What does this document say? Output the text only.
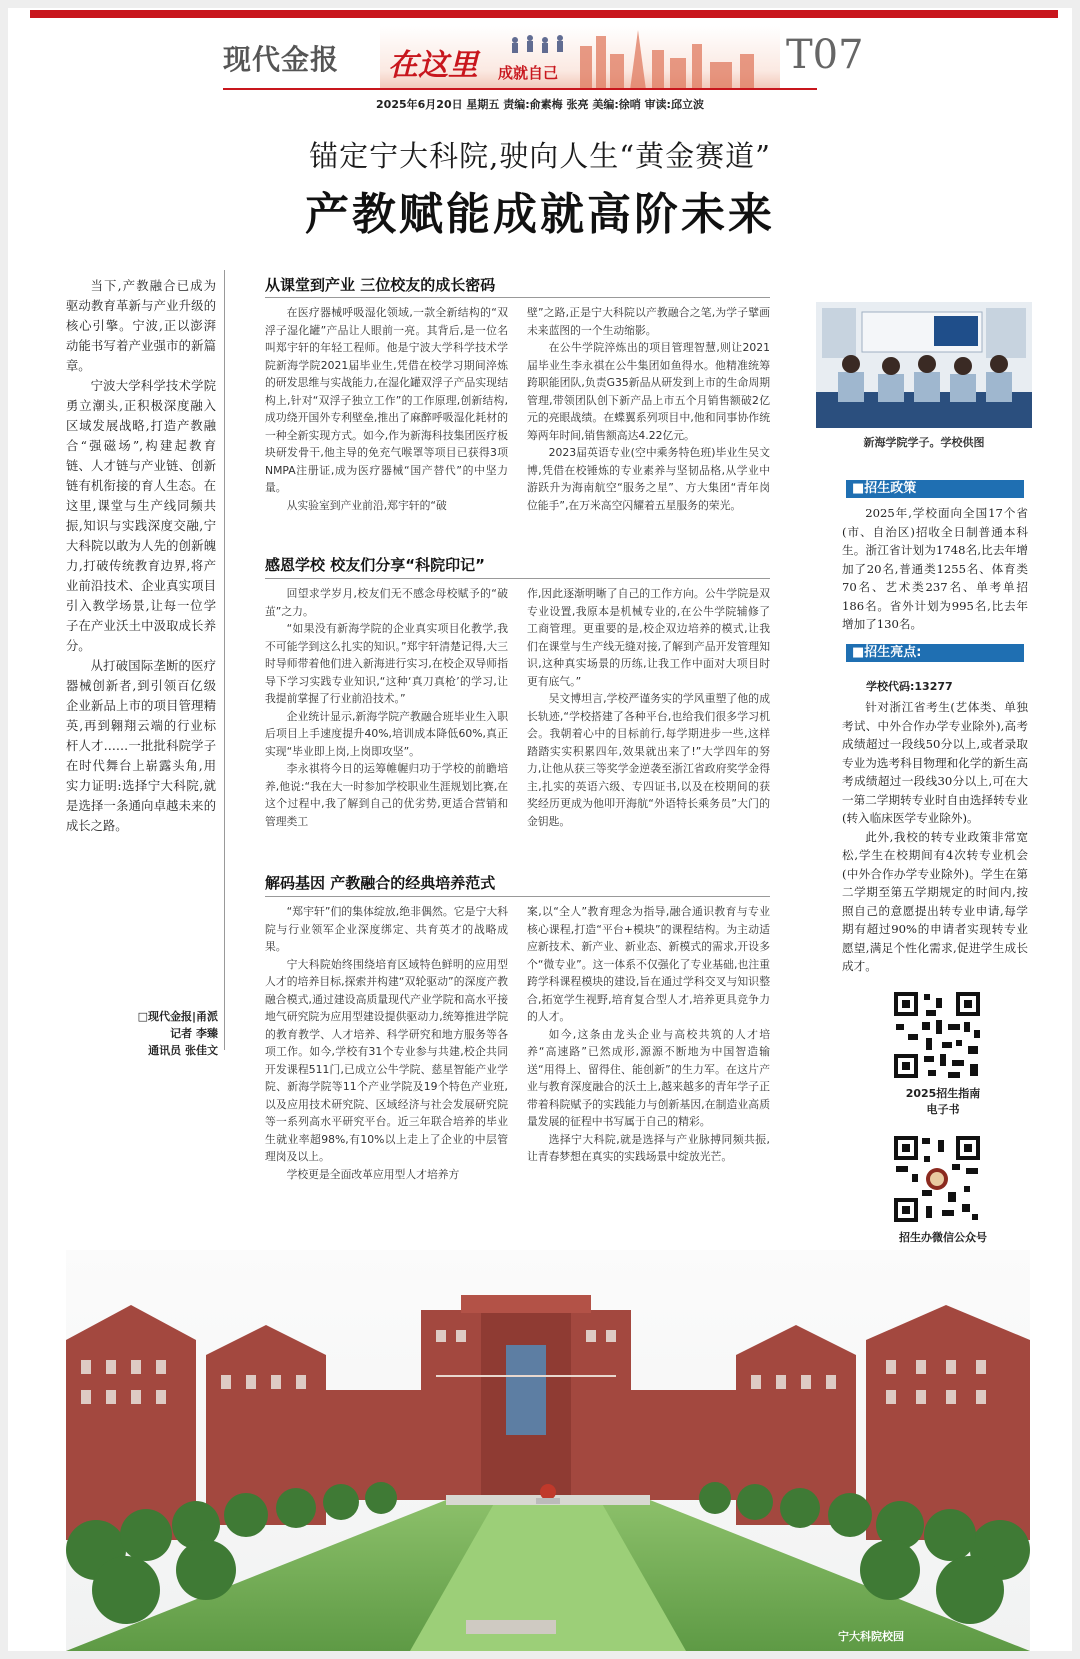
现代金报 在这里 成就自己	T07
2025年6月20日 星期五 责编:俞素梅 张亮 美编:徐哨 审读:邱立波
锚定宁大科院,驶向人生“黄金赛道”
产教赋能成就高阶未来

当下,产教融合已成为驱动教育革新与产业升级的核心引擎。宁波,正以澎湃动能书写着产业强市的新篇章。

宁波大学科学技术学院勇立潮头,正积极深度融入区域发展战略,打造产教融合“强磁场”,构建起教育链、人才链与产业链、创新链有机衔接的育人生态。在这里,课堂与生产线同频共振,知识与实践深度交融,宁大科院以敢为人先的创新魄力,打破传统教育边界,将产业前沿技术、企业真实项目引入教学场景,让每一位学子在产业沃土中汲取成长养分。

从打破国际垄断的医疗器械创新者,到引领百亿级企业新品上市的项目管理精英,再到翱翔云端的行业标杆人才……一批批科院学子在时代舞台上崭露头角,用实力证明:选择宁大科院,就是选择一条通向卓越未来的成长之路。

□现代金报|甬派
记者 李臻
通讯员 张佳文
从课堂到产业 三位校友的成长密码

在医疗器械呼吸湿化领域,一款全新结构的“双浮子湿化罐”产品让人眼前一亮。其背后,是一位名叫郑宇轩的年轻工程师。他是宁波大学科学技术学院新海学院2021届毕业生,凭借在校学习期间淬炼的研发思维与实战能力,在湿化罐双浮子产品实现结构上,针对“双浮子独立工作”的工作原理,创新结构,成功绕开国外专利壁垒,推出了麻醉呼吸湿化耗材的一种全新实现方式。如今,作为新海科技集团医疗板块研发骨干,他主导的免充气喉罩等项目已获得3项NMPA注册证,成为医疗器械“国产替代”的中坚力量。

从实验室到产业前沿,郑宇轩的“破

壁”之路,正是宁大科院以产教融合之笔,为学子擘画未来蓝图的一个生动缩影。

在公牛学院淬炼出的项目管理智慧,则让2021届毕业生李永祺在公牛集团如鱼得水。他精准统筹跨职能团队,负责G35新品从研发到上市的生命周期管理,带领团队创下新产品上市五个月销售额破2亿元的亮眼战绩。在蝶翼系列项目中,他和同事协作统筹两年时间,销售额高达4.22亿元。

2023届英语专业(空中乘务特色班)毕业生吴文博,凭借在校锤炼的专业素养与坚韧品格,从学业中游跃升为海南航空“服务之星”、方大集团“青年岗位能手”,在万米高空闪耀着五星服务的荣光。

新海学院学子。学校供图
感恩学校 校友们分享“科院印记”

回望求学岁月,校友们无不感念母校赋予的“破茧”之力。

“如果没有新海学院的企业真实项目化教学,我不可能学到这么扎实的知识。”郑宇轩清楚记得,大三时导师带着他们进入新海进行实习,在校企双导师指导下学习实践专业知识,“这种‘真刀真枪’的学习,让我提前掌握了行业前沿技术。”

企业统计显示,新海学院产教融合班毕业生入职后项目上手速度提升40%,培训成本降低60%,真正实现“毕业即上岗,上岗即攻坚”。

李永祺将今日的运筹帷幄归功于学校的前瞻培养,他说:“我在大一时参加学校职业生涯规划比赛,在这个过程中,我了解到自己的优劣势,更适合营销和管理类工

作,因此逐渐明晰了自己的工作方向。公牛学院是双专业设置,我原本是机械专业的,在公牛学院辅修了工商管理。更重要的是,校企双边培养的模式,让我们在课堂与生产线无缝对接,了解到产品开发管理知识,这种真实场景的历练,让我工作中面对大项目时更有底气。”

吴文博坦言,学校严谨务实的学风重塑了他的成长轨迹,“学校搭建了各种平台,也给我们很多学习机会。我朝着心中的目标前行,每学期进步一些,这样踏踏实实积累四年,效果就出来了!”大学四年的努力,让他从获三等奖学金逆袭至浙江省政府奖学金得主,扎实的英语六级、专四证书,以及在校期间的获奖经历更成为他叩开海航“外语特长乘务员”大门的金钥匙。

解码基因 产教融合的经典培养范式

“郑宇轩”们的集体绽放,绝非偶然。它是宁大科院与行业领军企业深度绑定、共育英才的战略成果。

宁大科院始终围绕培育区域特色鲜明的应用型人才的培养目标,探索并构建“双轮驱动”的深度产教融合模式,通过建设高质量现代产业学院和高水平接地气研究院为应用型建设提供驱动力,统筹推进学院的教育教学、人才培养、科学研究和地方服务等各项工作。如今,学校有31个专业参与共建,校企共同开发课程511门,已成立公牛学院、慈星智能产业学院、新海学院等11个产业学院及19个特色产业班,以及应用技术研究院、区域经济与社会发展研究院等一系列高水平研究平台。近三年联合培养的毕业生就业率超98%,有10%以上走上了企业的中层管理岗及以上。

学校更是全面改革应用型人才培养方

案,以“全人”教育理念为指导,融合通识教育与专业核心课程,打造“平台+模块”的课程结构。为主动适应新技术、新产业、新业态、新模式的需求,开设多个“微专业”。这一体系不仅强化了专业基础,也注重跨学科课程模块的建设,旨在通过学科交叉与知识整合,拓宽学生视野,培育复合型人才,培养更具竞争力的人才。

如今,这条由龙头企业与高校共筑的人才培养“高速路”已然成形,源源不断地为中国智造输送“用得上、留得住、能创新”的生力军。在这片产业与教育深度融合的沃土上,越来越多的青年学子正带着科院赋予的实践能力与创新基因,在制造业高质量发展的征程中书写属于自己的精彩。

选择宁大科院,就是选择与产业脉搏同频共振,让青春梦想在真实的实践场景中绽放光芒。

■招生政策

2025年,学校面向全国17个省(市、自治区)招收全日制普通本科生。浙江省计划为1748名,比去年增加了20名,普通类1255名、体育类70名、艺术类237名、单考单招186名。省外计划为995名,比去年增加了130名。

■招生亮点:
学校代码:13277

针对浙江省考生(艺体类、单独考试、中外合作办学专业除外),高考成绩超过一段线50分以上,或者录取专业为选考科目物理和化学的新生高考成绩超过一段线30分以上,可在大一第二学期转专业时自由选择转专业(转入临床医学专业除外)。

此外,我校的转专业政策非常宽松,学生在校期间有4次转专业机会(中外合作办学专业除外)。学生在第二学期至第五学期规定的时间内,按照自己的意愿提出转专业申请,每学期有超过90%的申请者实现转专业愿望,满足个性化需求,促进学生成长成才。

2025招生指南
电子书
招生办微信公众号
宁大科院校园
